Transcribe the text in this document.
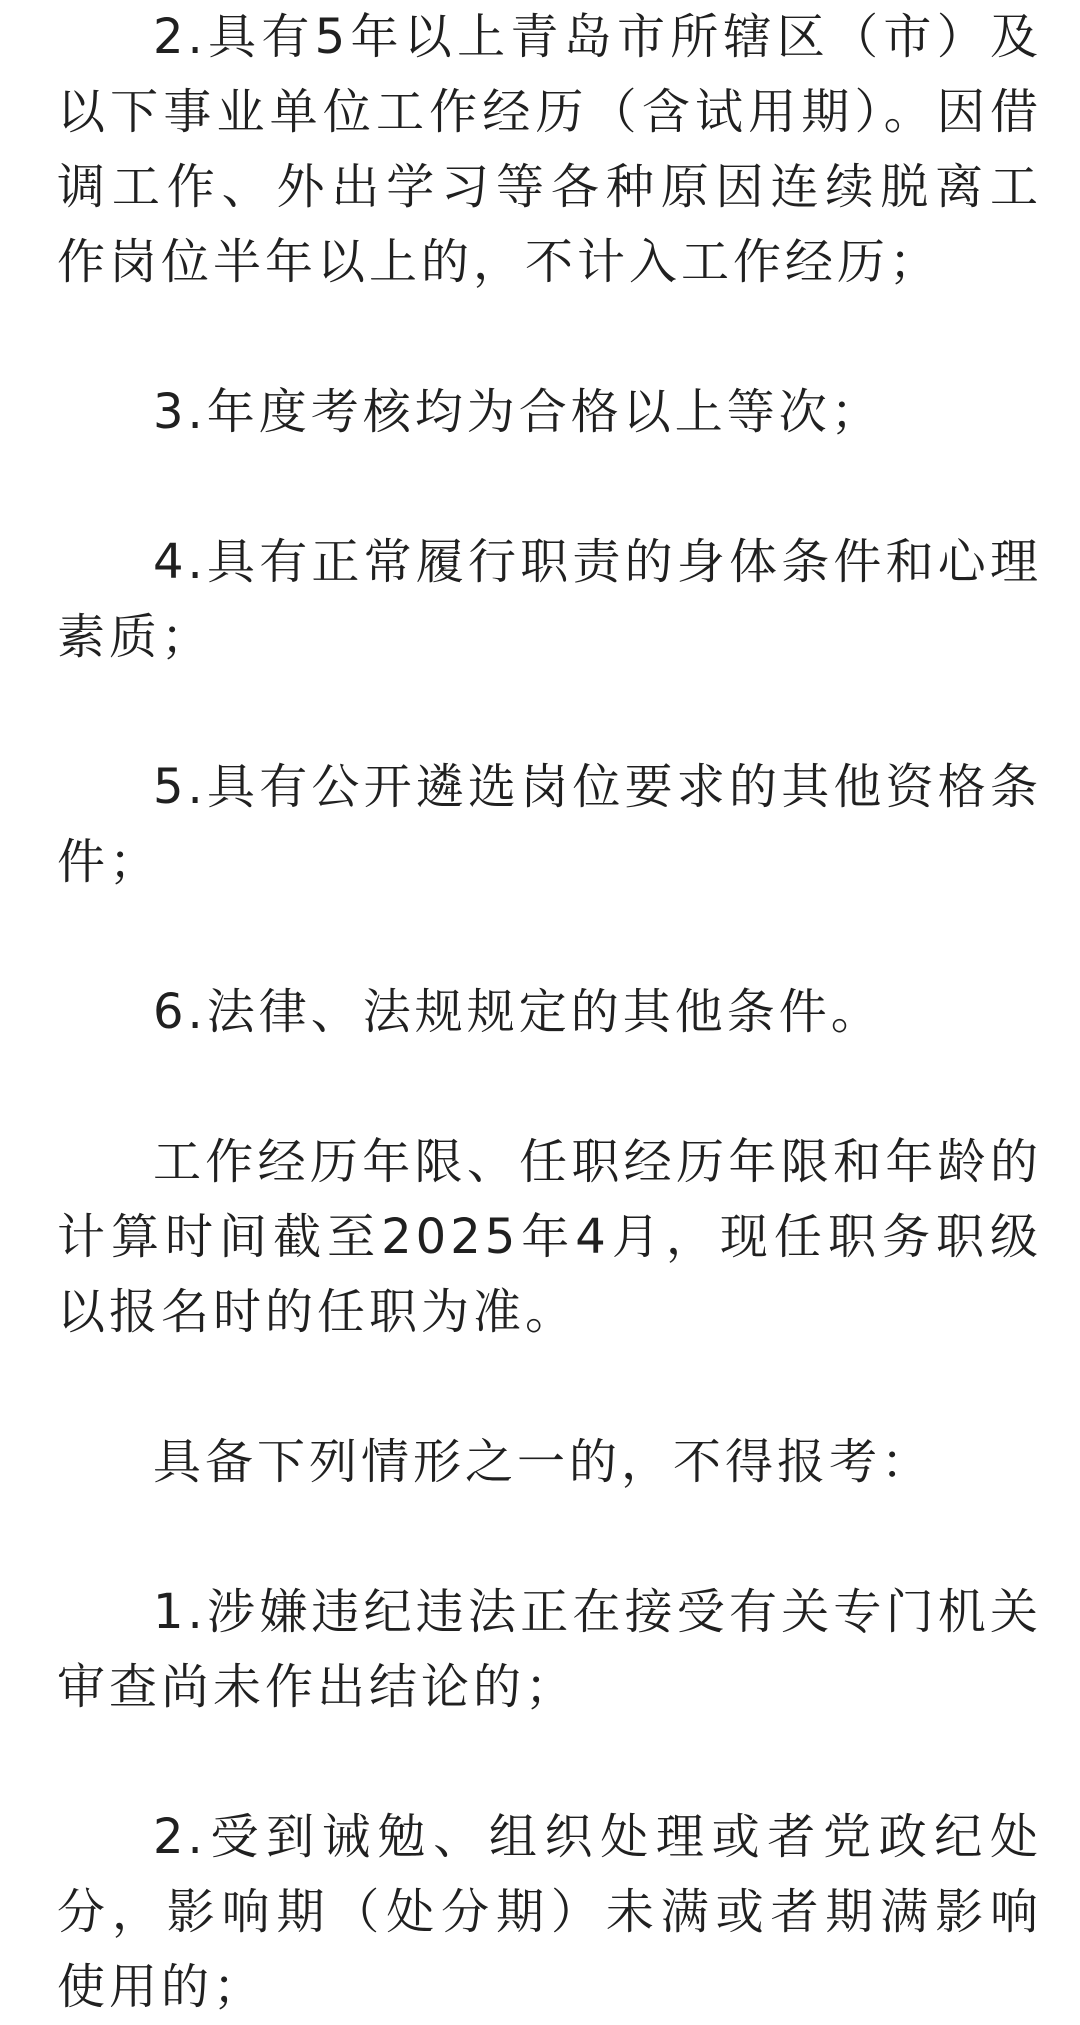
2.具有5年以上青岛市所辖区（市）及以下事业单位工作经历（含试用期）。因借调工作、外出学习等各种原因连续脱离工作岗位半年以上的，不计入工作经历；

3.年度考核均为合格以上等次；

4.具有正常履行职责的身体条件和心理素质；

5.具有公开遴选岗位要求的其他资格条件；

6.法律、法规规定的其他条件。

工作经历年限、任职经历年限和年龄的计算时间截至2025年4月，现任职务职级以报名时的任职为准。

具备下列情形之一的，不得报考：

1.涉嫌违纪违法正在接受有关专门机关审查尚未作出结论的；

2.受到诫勉、组织处理或者党政纪处分，影响期（处分期）未满或者期满影响使用的；
